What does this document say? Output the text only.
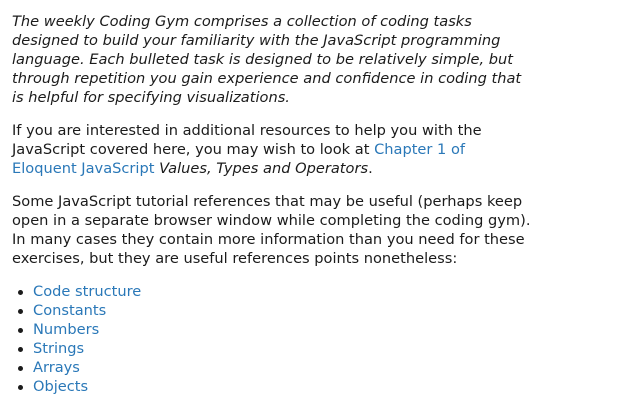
The weekly Coding Gym comprises a collection of coding tasks designed to build your familiarity with the JavaScript programming language. Each bulleted task is designed to be relatively simple, but through repetition you gain experience and confidence in coding that is helpful for specifying visualizations.

If you are interested in additional resources to help you with the JavaScript covered here, you may wish to look at Chapter 1 of Eloquent JavaScript Values, Types and Operators.

Some JavaScript tutorial references that may be useful (perhaps keep open in a separate browser window while completing the coding gym). In many cases they contain more information than you need for these exercises, but they are useful references points nonetheless:

Code structure
Constants
Numbers
Strings
Arrays
Objects
